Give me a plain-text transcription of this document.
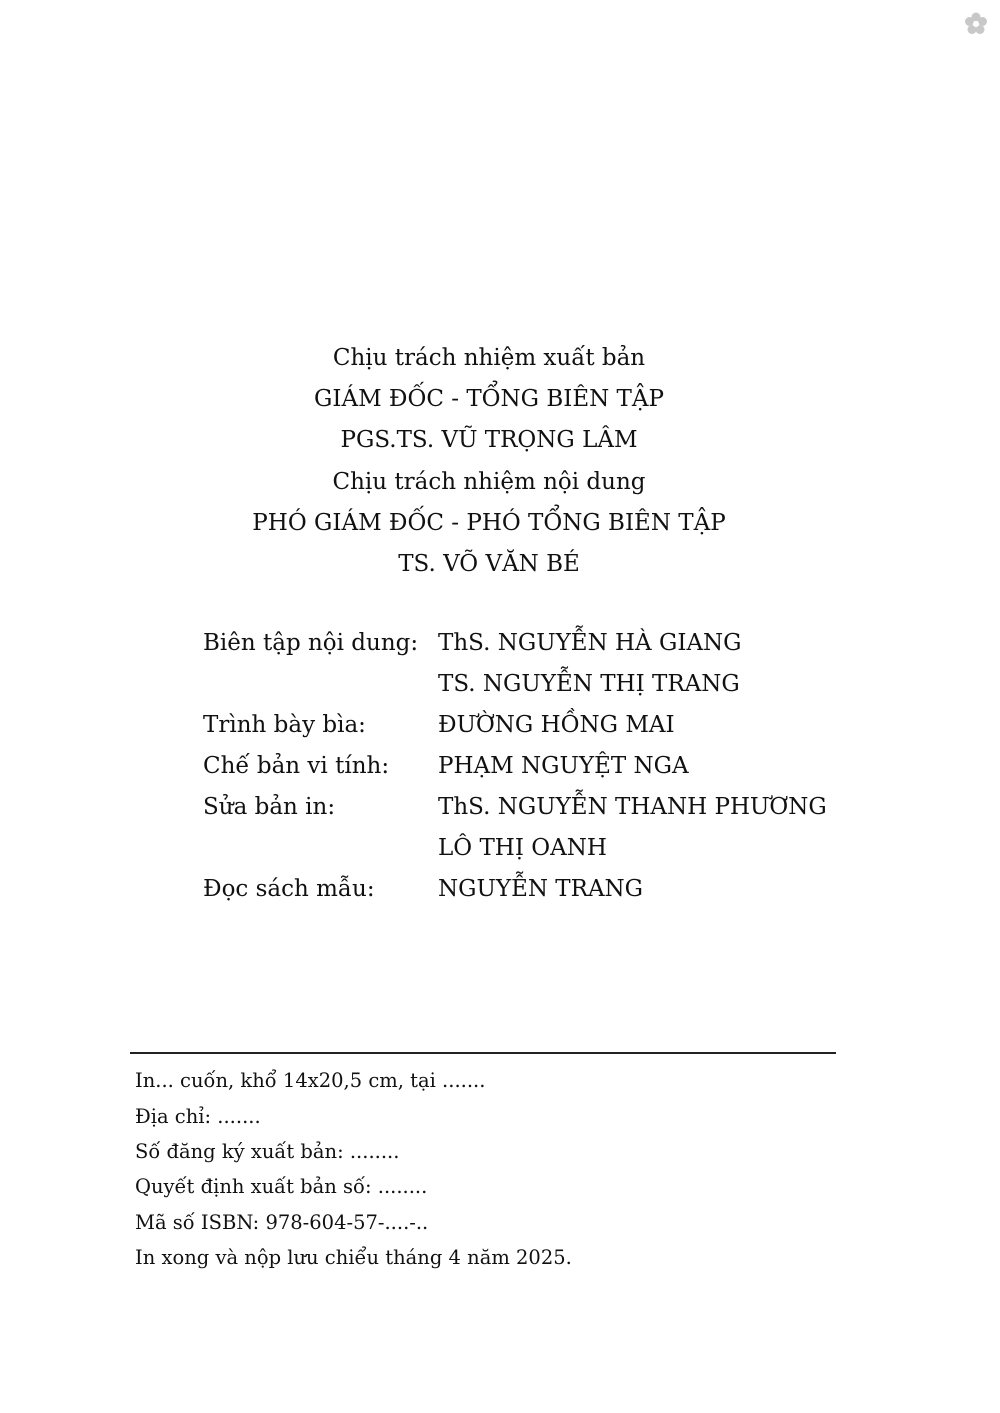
Chịu trách nhiệm xuất bản
GIÁM ĐỐC - TỔNG BIÊN TẬP
PGS.TS. VŨ TRỌNG LÂM
Chịu trách nhiệm nội dung
PHÓ GIÁM ĐỐC - PHÓ TỔNG BIÊN TẬP
TS. VÕ VĂN BÉ
Biên tập nội dung: ThS. NGUYỄN HÀ GIANG
TS. NGUYỄN THỊ TRANG
Trình bày bìa:	ĐƯỜNG HỒNG MAI
Chế bản vi tính:	PHẠM NGUYỆT NGA
Sửa bản in:	ThS. NGUYỄN THANH PHƯƠNG
LÔ THỊ OANH
Đọc sách mẫu:	NGUYỄN TRANG
In... cuốn, khổ 14x20,5 cm, tại .......
Địa chỉ: .......
Số đăng ký xuất bản: ........
Quyết định xuất bản số: ........
Mã số ISBN: 978-604-57-....-..
In xong và nộp lưu chiểu tháng 4 năm 2025.
